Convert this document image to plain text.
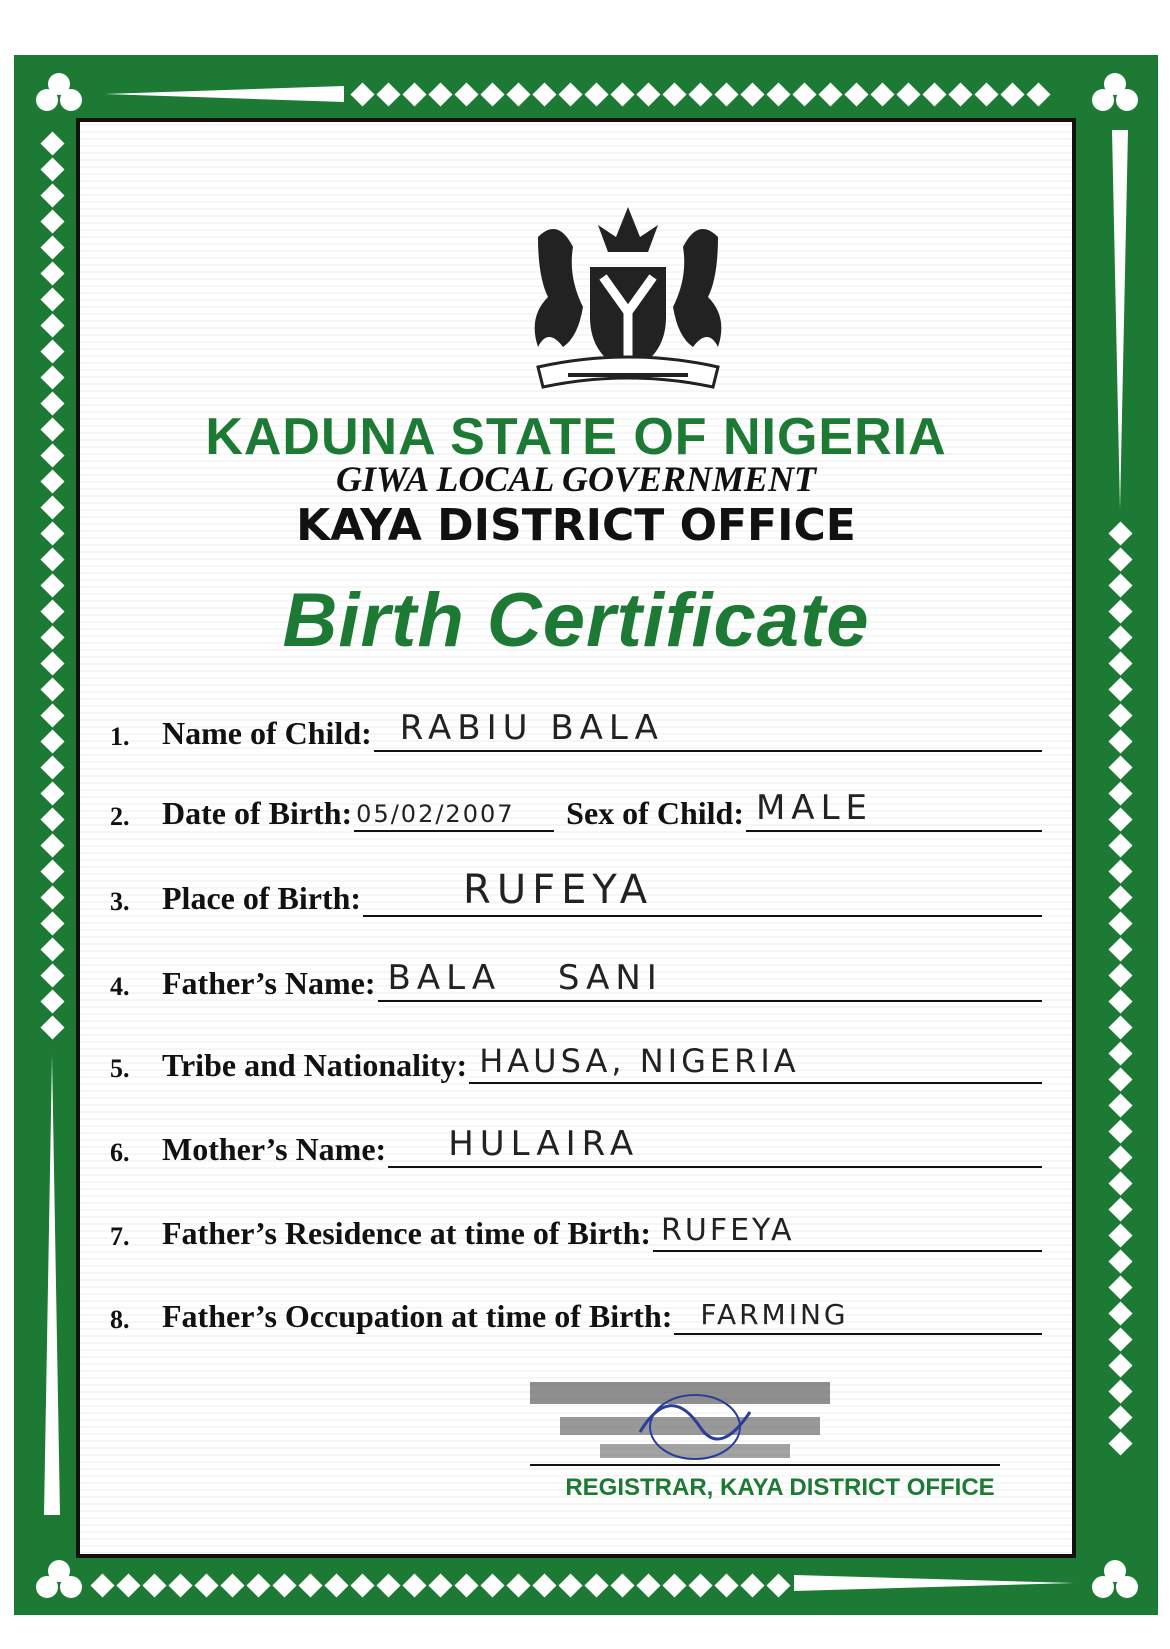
KADUNA STATE OF NIGERIA
GIWA LOCAL GOVERNMENT
KAYA DISTRICT OFFICE
Birth Certificate
1.	Name of Child: RABIU BALA
2.	Date of Birth: 05/02/2007 Sex of Child: MALE
3.	Place of Birth:	RUFEYA
4.	Father’s Name: BALA SANI
5.	Tribe and Nationality: HAUSA, NIGERIA
6.	Mother’s Name: HULAIRA
7.	Father’s Residence at time of Birth: RUFEYA
8.	Father’s Occupation at time of Birth: FARMING

REGISTRAR, KAYA DISTRICT OFFICE
